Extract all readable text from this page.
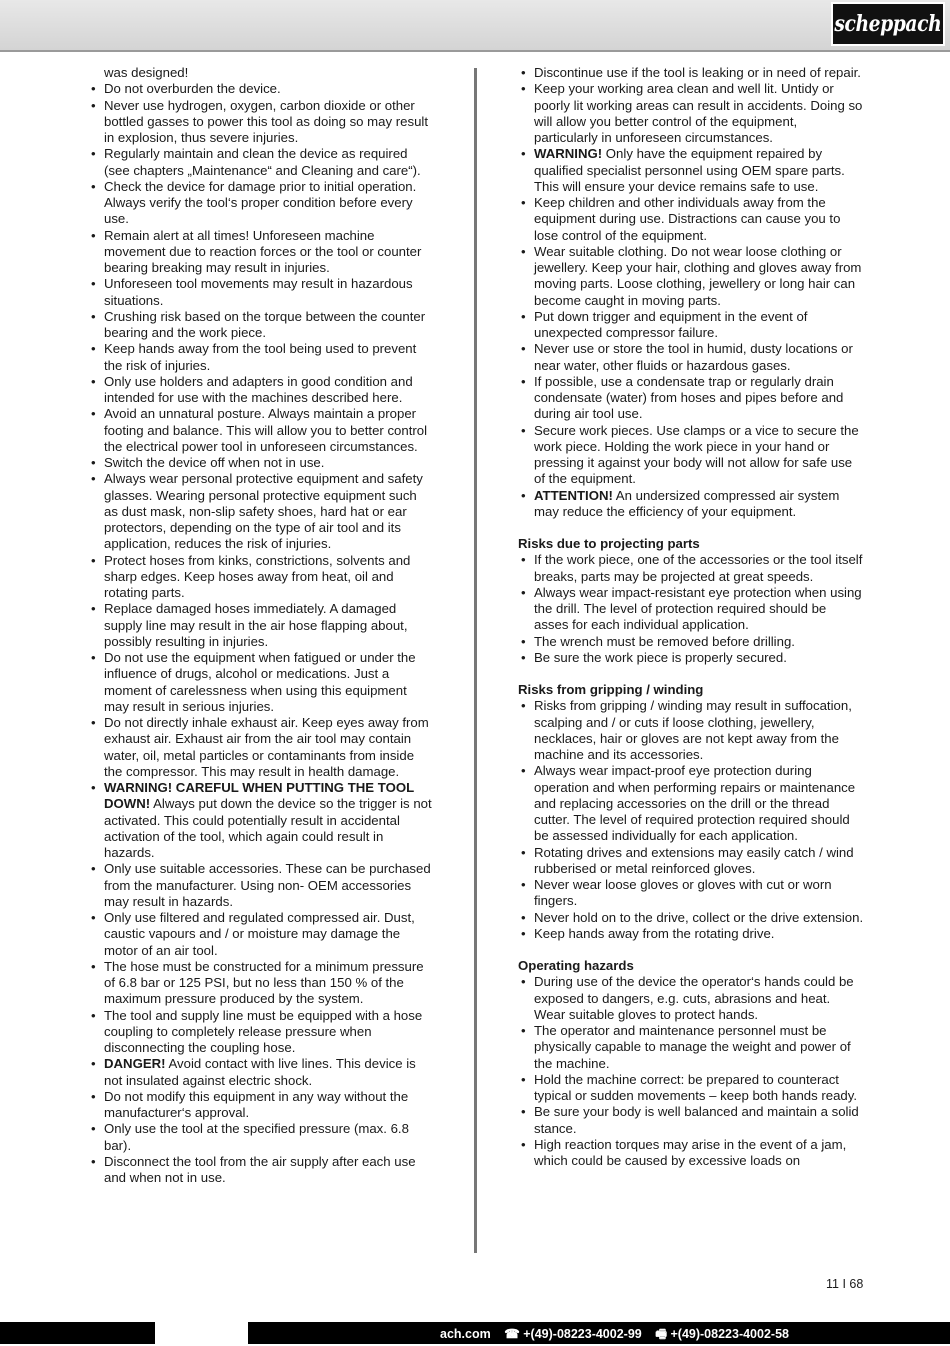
scheppach
was designed!
• Do not overburden the device.
• Never use hydrogen, oxygen, carbon dioxide or other bottled gasses to power this tool as doing so may result in explosion, thus severe injuries.
• Regularly maintain and clean the device as required (see chapters „Maintenance“ and Cleaning and care“).
• Check the device for damage prior to initial operation. Always verify the tool‘s proper condition before every use.
• Remain alert at all times! Unforeseen machine movement due to reaction forces or the tool or counter bearing breaking may result in injuries.
• Unforeseen tool movements may result in hazardous situations.
• Crushing risk based on the torque between the counter bearing and the work piece.
• Keep hands away from the tool being used to prevent the risk of injuries.
• Only use holders and adapters in good condition and intended for use with the machines described here.
• Avoid an unnatural posture. Always maintain a proper footing and balance. This will allow you to better control the electrical power tool in unforeseen circumstances.
• Switch the device off when not in use.
• Always wear personal protective equipment and safety glasses. Wearing personal protective equipment such as dust mask, non-slip safety shoes, hard hat or ear protectors, depending on the type of air tool and its application, reduces the risk of injuries.
• Protect hoses from kinks, constrictions, solvents and sharp edges. Keep hoses away from heat, oil and rotating parts.
• Replace damaged hoses immediately. A damaged supply line may result in the air hose flapping about, possibly resulting in injuries.
• Do not use the equipment when fatigued or under the influence of drugs, alcohol or medications. Just a moment of carelessness when using this equipment may result in serious injuries.
• Do not directly inhale exhaust air. Keep eyes away from exhaust air. Exhaust air from the air tool may contain water, oil, metal particles or contaminants from inside the compressor. This may result in health damage.
• WARNING! CAREFUL WHEN PUTTING THE TOOL DOWN! Always put down the device so the trigger is not activated. This could potentially result in accidental activation of the tool, which again could result in hazards.
• Only use suitable accessories. These can be purchased from the manufacturer. Using non- OEM accessories may result in hazards.
• Only use filtered and regulated compressed air. Dust, caustic vapours and / or moisture may damage the motor of an air tool.
• The hose must be constructed for a minimum pressure of 6.8 bar or 125 PSI, but no less than 150 % of the maximum pressure produced by the system.
• The tool and supply line must be equipped with a hose coupling to completely release pressure when disconnecting the coupling hose.
• DANGER! Avoid contact with live lines. This device is not insulated against electric shock.
• Do not modify this equipment in any way without the manufacturer‘s approval.
• Only use the tool at the specified pressure (max. 6.8 bar).
• Disconnect the tool from the air supply after each use and when not in use.
• Discontinue use if the tool is leaking or in need of repair.
• Keep your working area clean and well lit. Untidy or poorly lit working areas can result in accidents. Doing so will allow you better control of the equipment, particularly in unforeseen circumstances.
• WARNING! Only have the equipment repaired by qualified specialist personnel using OEM spare parts. This will ensure your device remains safe to use.
• Keep children and other individuals away from the equipment during use. Distractions can cause you to lose control of the equipment.
• Wear suitable clothing. Do not wear loose clothing or jewellery. Keep your hair, clothing and gloves away from moving parts. Loose clothing, jewellery or long hair can become caught in moving parts.
• Put down trigger and equipment in the event of unexpected compressor failure.
• Never use or store the tool in humid, dusty locations or near water, other fluids or hazardous gases.
• If possible, use a condensate trap or regularly drain condensate (water) from hoses and pipes before and during air tool use.
• Secure work pieces. Use clamps or a vice to secure the work piece. Holding the work piece in your hand or pressing it against your body will not allow for safe use of the equipment.
• ATTENTION! An undersized compressed air system may reduce the efficiency of your equipment.
Risks due to projecting parts
• If the work piece, one of the accessories or the tool itself breaks, parts may be projected at great speeds.
• Always wear impact-resistant eye protection when using the drill. The level of protection required should be asses for each individual application.
• The wrench must be removed before drilling.
• Be sure the work piece is properly secured.
Risks from gripping / winding
• Risks from gripping / winding may result in suffocation, scalping and / or cuts if loose clothing, jewellery, necklaces, hair or gloves are not kept away from the machine and its accessories.
• Always wear impact-proof eye protection during operation and when performing repairs or maintenance and replacing accessories on the drill or the thread cutter. The level of required protection required should be assessed individually for each application.
• Rotating drives and extensions may easily catch / wind rubberised or metal reinforced gloves.
• Never wear loose gloves or gloves with cut or worn fingers.
• Never hold on to the drive, collect or the drive extension.
• Keep hands away from the rotating drive.
Operating hazards
• During use of the device the operator‘s hands could be exposed to dangers, e.g. cuts, abrasions and heat. Wear suitable gloves to protect hands.
• The operator and maintenance personnel must be physically capable to manage the weight and power of the machine.
• Hold the machine correct: be prepared to counteract typical or sudden movements – keep both hands ready.
• Be sure your body is well balanced and maintain a solid stance.
• High reaction torques may arise in the event of a jam, which could be caused by excessive loads on
11 I 68
ach.com ☎ +(49)-08223-4002-99 🖷 +(49)-08223-4002-58
